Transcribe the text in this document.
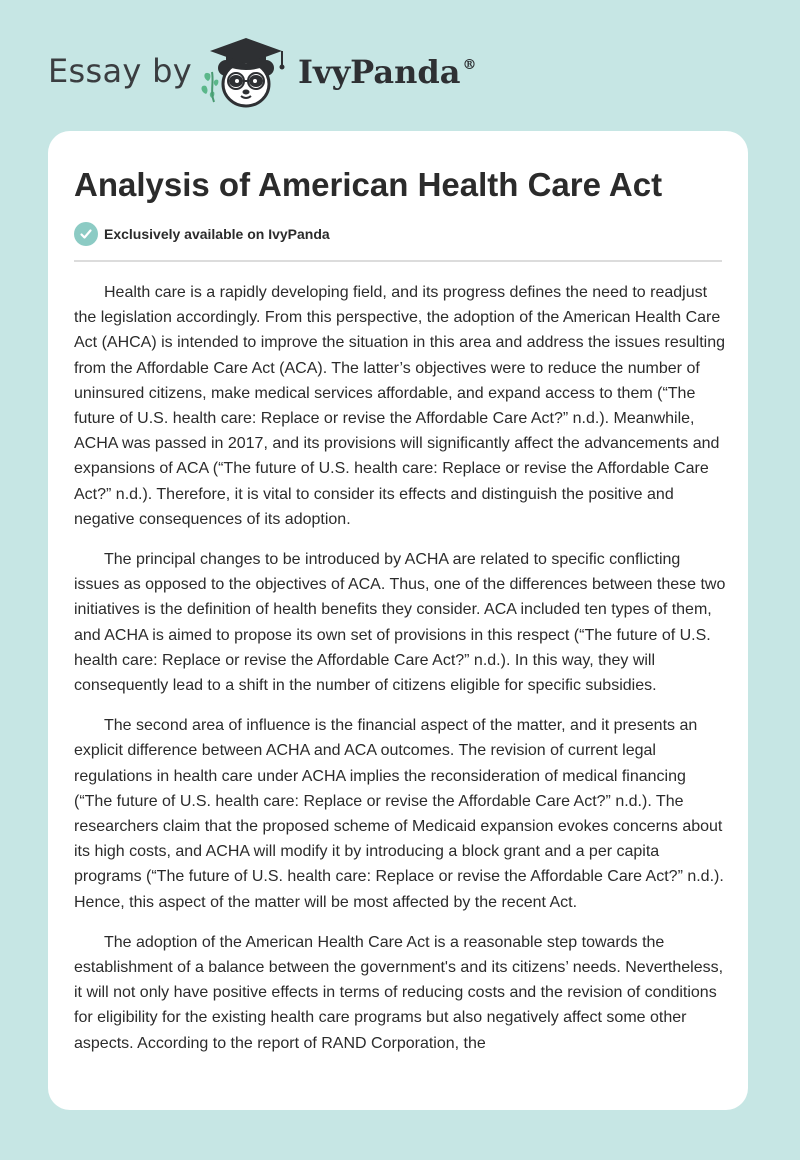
Essay by	IvyPanda ®
Analysis of American Health Care Act
Exclusively available on IvyPanda

Health care is a rapidly developing field, and its progress defines the need to readjust the legislation accordingly. From this perspective, the adoption of the American Health Care Act (AHCA) is intended to improve the situation in this area and address the issues resulting from the Affordable Care Act (ACA). The latter’s objectives were to reduce the number of uninsured citizens, make medical services affordable, and expand access to them (“The future of U.S. health care: Replace or revise the Affordable Care Act?” n.d.). Meanwhile, ACHA was passed in 2017, and its provisions will significantly affect the advancements and expansions of ACA (“The future of U.S. health care: Replace or revise the Affordable Care Act?” n.d.). Therefore, it is vital to consider its effects and distinguish the positive and negative consequences of its adoption.

The principal changes to be introduced by ACHA are related to specific conflicting issues as opposed to the objectives of ACA. Thus, one of the differences between these two initiatives is the definition of health benefits they consider. ACA included ten types of them, and ACHA is aimed to propose its own set of provisions in this respect (“The future of U.S. health care: Replace or revise the Affordable Care Act?” n.d.). In this way, they will consequently lead to a shift in the number of citizens eligible for specific subsidies.

The second area of influence is the financial aspect of the matter, and it presents an explicit difference between ACHA and ACA outcomes. The revision of current legal regulations in health care under ACHA implies the reconsideration of medical financing (“The future of U.S. health care: Replace or revise the Affordable Care Act?” n.d.). The researchers claim that the proposed scheme of Medicaid expansion evokes concerns about its high costs, and ACHA will modify it by introducing a block grant and a per capita programs (“The future of U.S. health care: Replace or revise the Affordable Care Act?” n.d.). Hence, this aspect of the matter will be most affected by the recent Act.

The adoption of the American Health Care Act is a reasonable step towards the establishment of a balance between the government's and its citizens’ needs. Nevertheless, it will not only have positive effects in terms of reducing costs and the revision of conditions for eligibility for the existing health care programs but also negatively affect some other aspects. According to the report of RAND Corporation, the
